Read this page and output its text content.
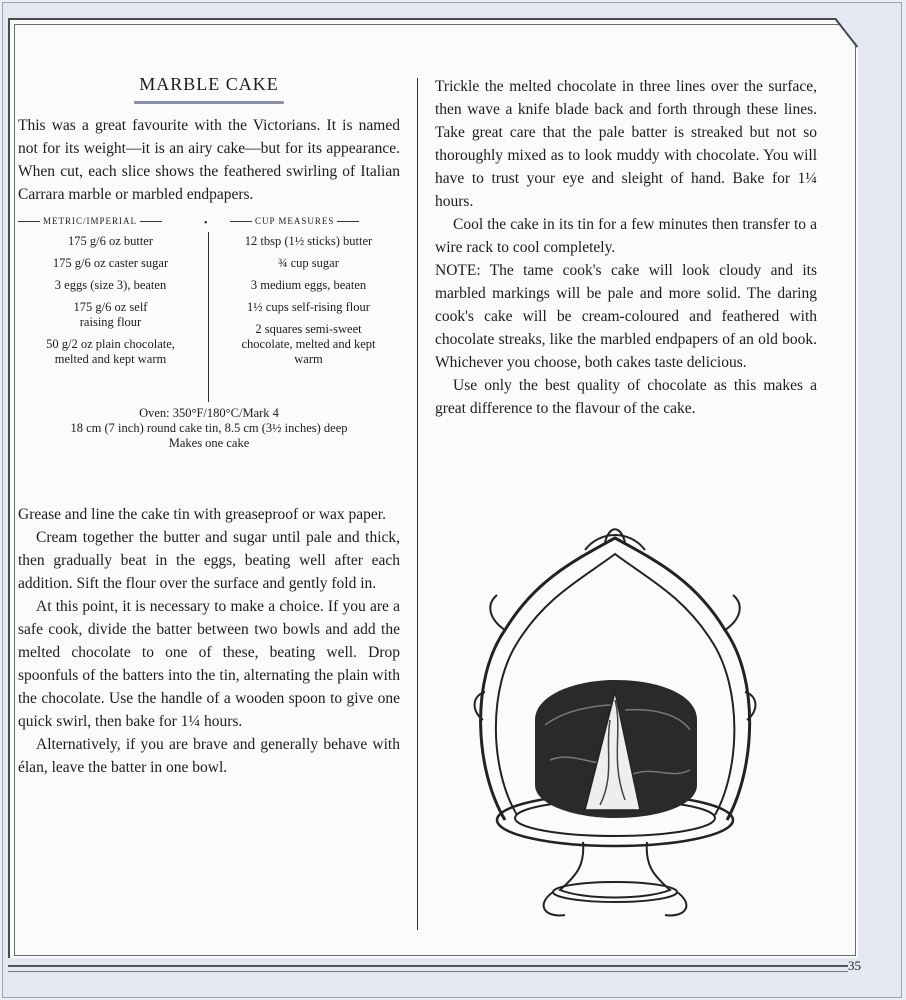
MARBLE CAKE

This was a great favourite with the Victorians. It is named not for its weight—it is an airy cake—but for its appearance. When cut, each slice shows the feathered swirling of Italian Carrara marble or marbled endpapers.

METRIC/IMPERIAL	•	CUP MEASURES
175 g/6 oz butter
175 g/6 oz caster sugar
3 eggs (size 3), beaten
175 g/6 oz self raising flour
50 g/2 oz plain chocolate, melted and kept warm
12 tbsp (1½ sticks) butter
¾ cup sugar
3 medium eggs, beaten
1½ cups self-rising flour
2 squares semi-sweet chocolate, melted and kept warm
Oven: 350°F/180°C/Mark 4
18 cm (7 inch) round cake tin, 8.5 cm (3½ inches) deep
Makes one cake

Grease and line the cake tin with greaseproof or wax paper.

Cream together the butter and sugar until pale and thick, then gradually beat in the eggs, beating well after each addition. Sift the flour over the surface and gently fold in.

At this point, it is necessary to make a choice. If you are a safe cook, divide the batter between two bowls and add the melted chocolate to one of these, beating well. Drop spoonfuls of the batters into the tin, alternating the plain with the chocolate. Use the handle of a wooden spoon to give one quick swirl, then bake for 1¼ hours.

Alternatively, if you are brave and generally behave with élan, leave the batter in one bowl.

Trickle the melted chocolate in three lines over the surface, then wave a knife blade back and forth through these lines. Take great care that the pale batter is streaked but not so thoroughly mixed as to look muddy with chocolate. You will have to trust your eye and sleight of hand. Bake for 1¼ hours.

Cool the cake in its tin for a few minutes then transfer to a wire rack to cool completely.

NOTE: The tame cook's cake will look cloudy and its marbled markings will be pale and more solid. The daring cook's cake will be cream-coloured and feathered with chocolate streaks, like the marbled endpapers of an old book. Whichever you choose, both cakes taste delicious.

Use only the best quality of chocolate as this makes a great difference to the flavour of the cake.

35
